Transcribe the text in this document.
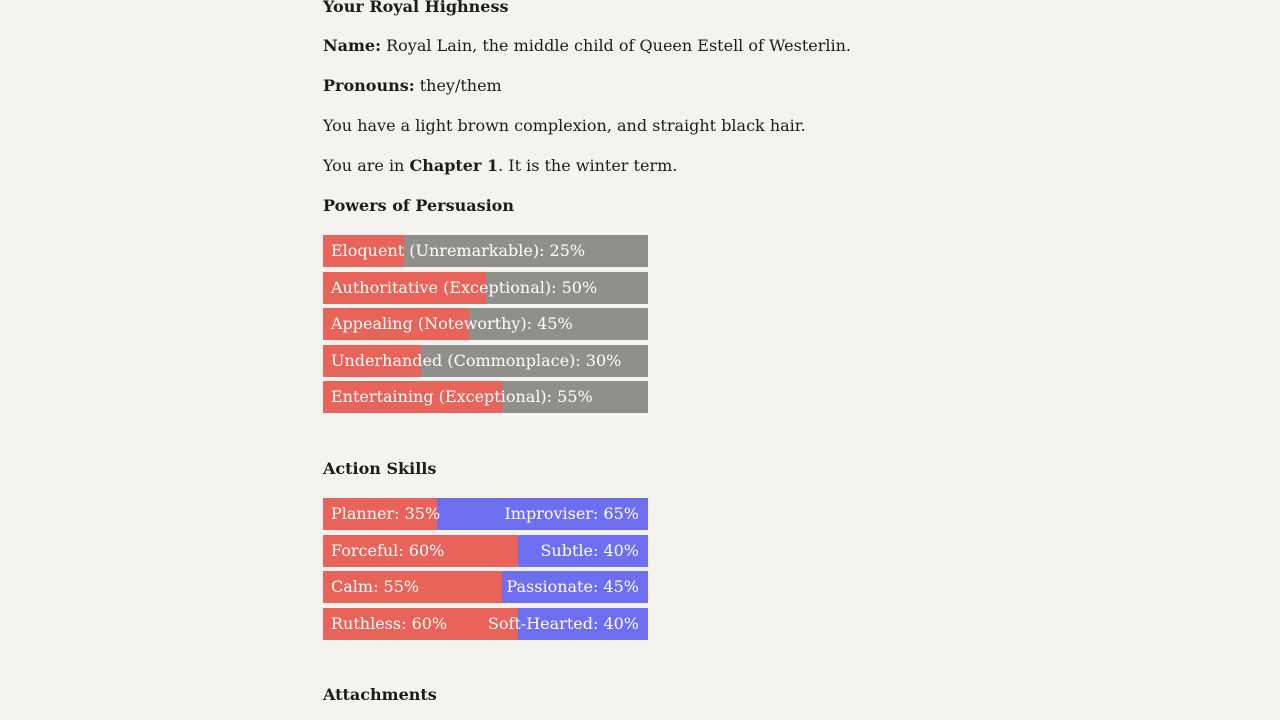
Your Royal Highness
Name: Royal Lain, the middle child of Queen Estell of Westerlin.
Pronouns: they/them
You have a light brown complexion, and straight black hair.
You are in Chapter 1. It is the winter term.
Powers of Persuasion
Eloquent (Unremarkable): 25%
Authoritative (Exceptional): 50%
Appealing (Noteworthy): 45%
Underhanded (Commonplace): 30%
Entertaining (Exceptional): 55%
Action Skills
Planner: 35%	Improviser: 65%
Forceful: 60%	Subtle: 40%
Calm: 55%	Passionate: 45%
Ruthless: 60%	Soft-Hearted: 40%
Attachments
